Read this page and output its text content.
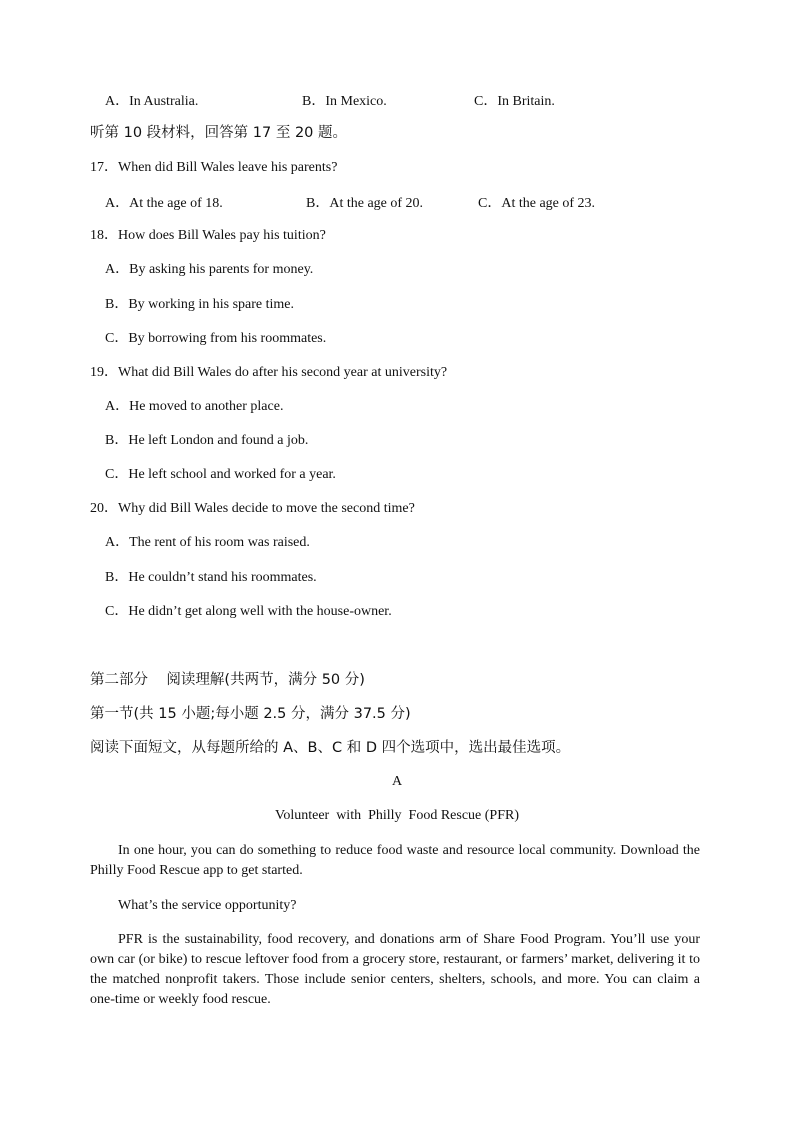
A．In Australia.	B．In Mexico.	C．In Britain.
听第 10 段材料，回答第 17 至 20 题。
17．When did Bill Wales leave his parents?
A．At the age of 18.	B．At the age of 20.	C．At the age of 23.
18．How does Bill Wales pay his tuition?
A．By asking his parents for money.
B．By working in his spare time.
C．By borrowing from his roommates.
19．What did Bill Wales do after his second year at university?
A．He moved to another place.
B．He left London and found a job.
C．He left school and worked for a year.
20．Why did Bill Wales decide to move the second time?
A．The rent of his room was raised.
B．He couldn’t stand his roommates.
C．He didn’t get along well with the house-owner.
第二部分    阅读理解(共两节，满分 50 分)
第一节(共 15 小题;每小题 2.5 分，满分 37.5 分)
阅读下面短文，从每题所给的 A、B、C 和 D 四个选项中，选出最佳选项。
A
Volunteer  with  Philly  Food Rescue (PFR)
In one hour, you can do something to reduce food waste and resource local community. Download the Philly Food Rescue app to get started.
What’s the service opportunity?
PFR is the sustainability, food recovery, and donations arm of Share Food Program. You’ll use your own car (or bike) to rescue leftover food from a grocery store, restaurant, or farmers’ market, delivering it to the matched nonprofit takers. Those include senior centers, shelters, schools, and more. You can claim a one-time or weekly food rescue.
